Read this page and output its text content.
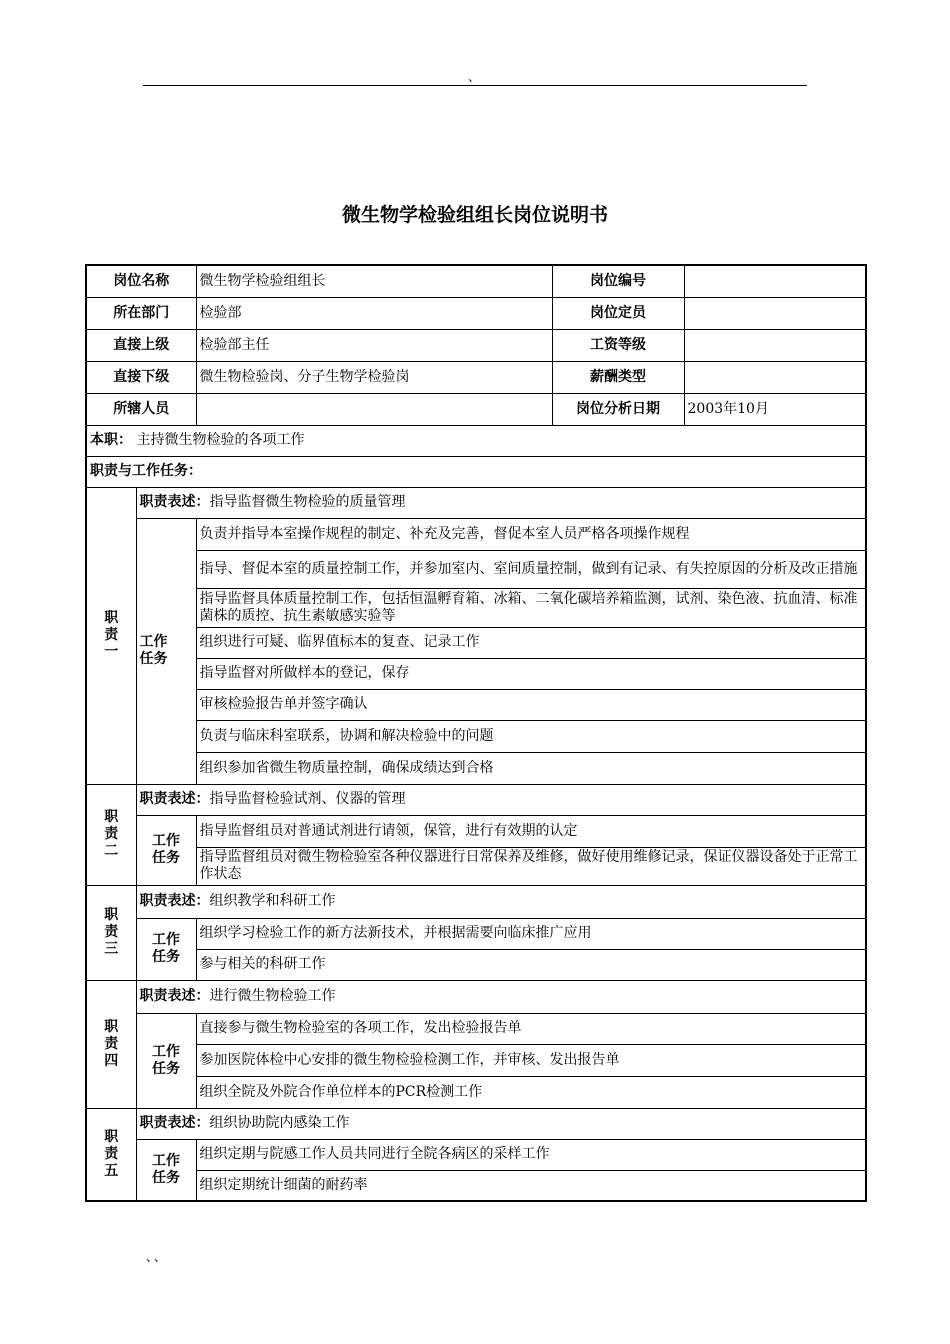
、
微生物学检验组组长岗位说明书
岗位名称		微生物学检验组组长	岗位编号	
所在部门		检验部	岗位定员	
直接上级		检验部主任	工资等级	
直接下级		微生物检验岗、分子生物学检验岗	薪酬类型	
所辖人员			岗位分析日期	2003年10月
本职： 主持微生物检验的各项工作				
职责与工作任务：				

职
责
一	职责表述：指导监督微生物检验的质量管理			

	工作
任务	负责并指导本室操作规程的制定、补充及完善，督促本室人员严格各项操作规程		
		指导、督促本室的质量控制工作，并参加室内、室间质量控制，做到有记录、有失控原因的分析及改正措施		
		指导监督具体质量控制工作，包括恒温孵育箱、冰箱、二氧化碳培养箱监测，试剂、染色液、抗血清、标准菌株的质控、抗生素敏感实验等		
		组织进行可疑、临界值标本的复查、记录工作		
		指导监督对所做样本的登记，保存		
		审核检验报告单并签字确认		
		负责与临床科室联系，协调和解决检验中的问题		
		组织参加省微生物质量控制，确保成绩达到合格		

职
责
二	职责表述：指导监督检验试剂、仪器的管理			

	工作
任务	指导监督组员对普通试剂进行请领，保管，进行有效期的认定		
		指导监督组员对微生物检验室各种仪器进行日常保养及维修，做好使用维修记录，保证仪器设备处于正常工作状态		

职
责
三	职责表述：组织教学和科研工作			

	工作
任务	组织学习检验工作的新方法新技术，并根据需要向临床推广应用		
		参与相关的科研工作		

职
责
四	职责表述：进行微生物检验工作			

	工作
任务	直接参与微生物检验室的各项工作，发出检验报告单		
		参加医院体检中心安排的微生物检验检测工作，并审核、发出报告单		
		组织全院及外院合作单位样本的PCR检测工作		

职
责
五	职责表述：组织协助院内感染工作			

	工作
任务	组织定期与院感工作人员共同进行全院各病区的采样工作		
		组织定期统计细菌的耐药率		
、、
